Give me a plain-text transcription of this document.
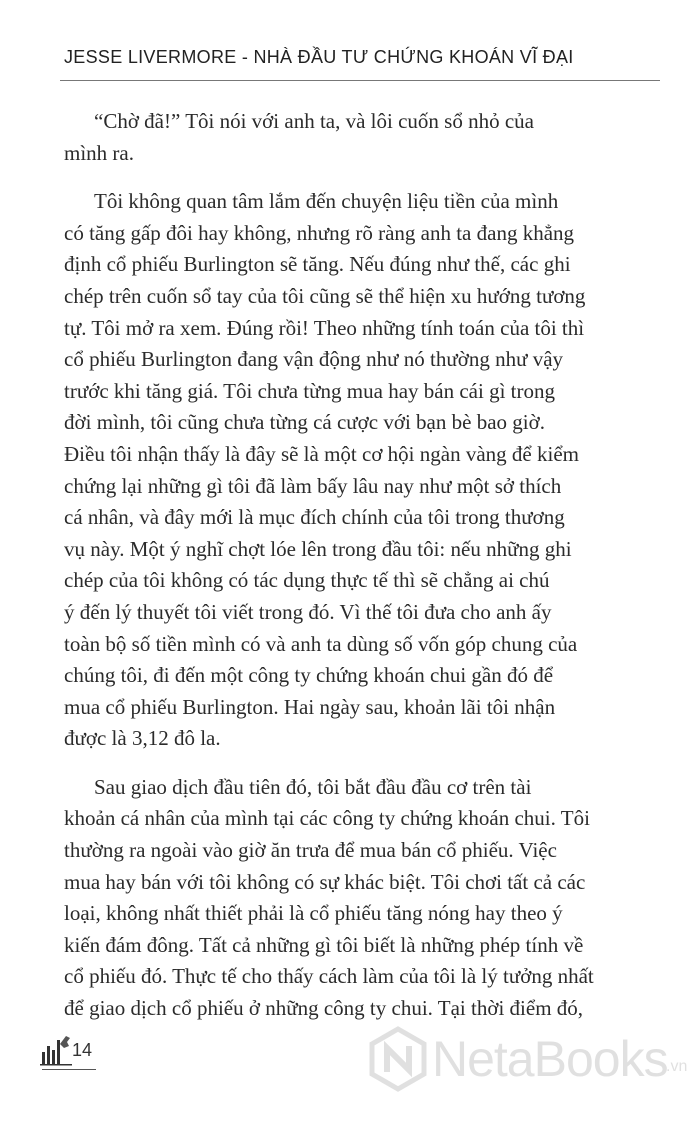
JESSE LIVERMORE - NHÀ ĐẦU TƯ CHỨNG KHOÁN VĨ ĐẠI

“Chờ đã!” Tôi nói với anh ta, và lôi cuốn sổ nhỏ của
mình ra.

Tôi không quan tâm lắm đến chuyện liệu tiền của mình
có tăng gấp đôi hay không, nhưng rõ ràng anh ta đang khẳng
định cổ phiếu Burlington sẽ tăng. Nếu đúng như thế, các ghi
chép trên cuốn sổ tay của tôi cũng sẽ thể hiện xu hướng tương
tự. Tôi mở ra xem. Đúng rồi! Theo những tính toán của tôi thì
cổ phiếu Burlington đang vận động như nó thường như vậy
trước khi tăng giá. Tôi chưa từng mua hay bán cái gì trong
đời mình, tôi cũng chưa từng cá cược với bạn bè bao giờ.
Điều tôi nhận thấy là đây sẽ là một cơ hội ngàn vàng để kiểm
chứng lại những gì tôi đã làm bấy lâu nay như một sở thích
cá nhân, và đây mới là mục đích chính của tôi trong thương
vụ này. Một ý nghĩ chợt lóe lên trong đầu tôi: nếu những ghi
chép của tôi không có tác dụng thực tế thì sẽ chẳng ai chú
ý đến lý thuyết tôi viết trong đó. Vì thế tôi đưa cho anh ấy
toàn bộ số tiền mình có và anh ta dùng số vốn góp chung của
chúng tôi, đi đến một công ty chứng khoán chui gần đó để
mua cổ phiếu Burlington. Hai ngày sau, khoản lãi tôi nhận
được là 3,12 đô la.

Sau giao dịch đầu tiên đó, tôi bắt đầu đầu cơ trên tài
khoản cá nhân của mình tại các công ty chứng khoán chui. Tôi
thường ra ngoài vào giờ ăn trưa để mua bán cổ phiếu. Việc
mua hay bán với tôi không có sự khác biệt. Tôi chơi tất cả các
loại, không nhất thiết phải là cổ phiếu tăng nóng hay theo ý
kiến đám đông. Tất cả những gì tôi biết là những phép tính về
cổ phiếu đó. Thực tế cho thấy cách làm của tôi là lý tưởng nhất
để giao dịch cổ phiếu ở những công ty chui. Tại thời điểm đó,

14	NetaBooks
.vn
